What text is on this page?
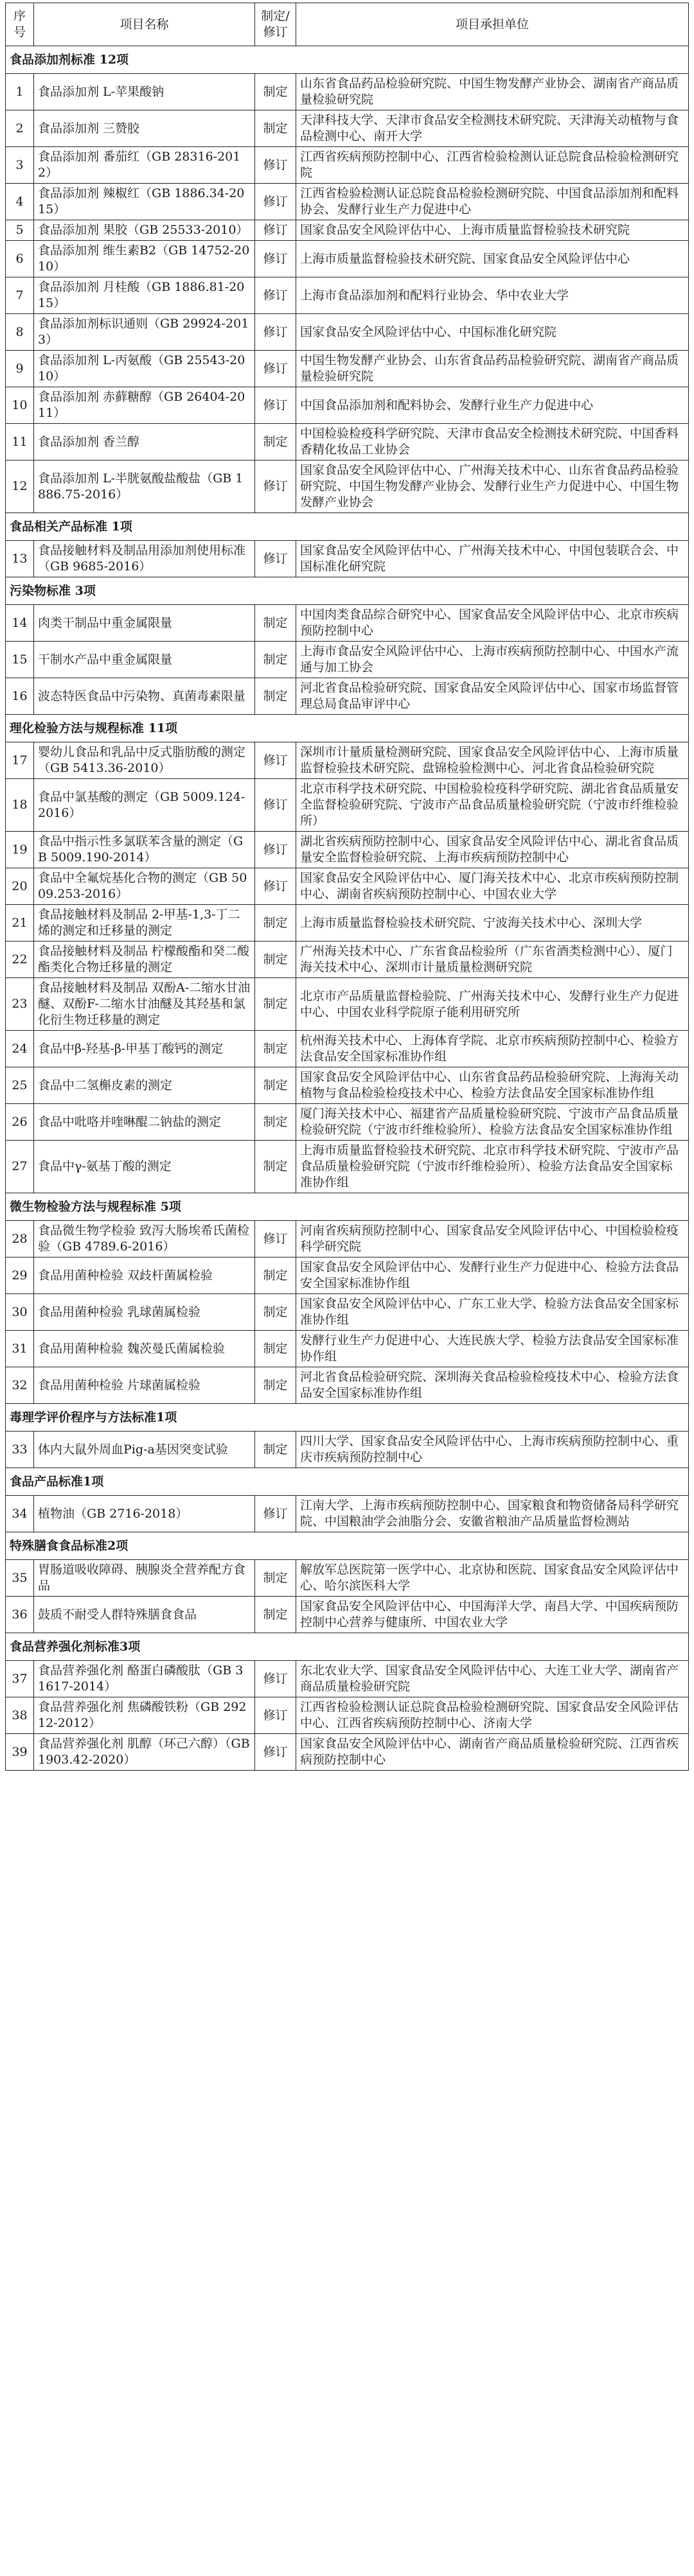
序号	项目名称	制定/修订	项目承担单位
食品添加剂标准 12项			
1	食品添加剂 L-苹果酸钠	制定	山东省食品药品检验研究院、中国生物发酵产业协会、湖南省产商品质量检验研究院
2	食品添加剂 三赞胶	制定	天津科技大学、天津市食品安全检测技术研究院、天津海关动植物与食品检测中心、南开大学
3	食品添加剂 番茄红（GB 28316-2012）	修订	江西省疾病预防控制中心、江西省检验检测认证总院食品检验检测研究院
4	食品添加剂 辣椒红（GB 1886.34-2015）	修订	江西省检验检测认证总院食品检验检测研究院、中国食品添加剂和配料协会、发酵行业生产力促进中心
5	食品添加剂 果胶（GB 25533-2010）	修订	国家食品安全风险评估中心、上海市质量监督检验技术研究院
6	食品添加剂 维生素B2（GB 14752-2010）	修订	上海市质量监督检验技术研究院、国家食品安全风险评估中心
7	食品添加剂 月桂酸（GB 1886.81-2015）	修订	上海市食品添加剂和配料行业协会、华中农业大学
8	食品添加剂标识通则（GB 29924-2013）	修订	国家食品安全风险评估中心、中国标准化研究院
9	食品添加剂 L-丙氨酸（GB 25543-2010）	修订	中国生物发酵产业协会、山东省食品药品检验研究院、湖南省产商品质量检验研究院
10	食品添加剂 赤藓糖醇（GB 26404-2011）	修订	中国食品添加剂和配料协会、发酵行业生产力促进中心
11	食品添加剂 香兰醇	制定	中国检验检疫科学研究院、天津市食品安全检测技术研究院、中国香料香精化妆品工业协会
12	食品添加剂 L-半胱氨酸盐酸盐（GB 1886.75-2016）	修订	国家食品安全风险评估中心、广州海关技术中心、山东省食品药品检验研究院、中国生物发酵产业协会、发酵行业生产力促进中心、中国生物发酵产业协会
食品相关产品标准 1项			
13	食品接触材料及制品用添加剂使用标准（GB 9685-2016）	修订	国家食品安全风险评估中心、广州海关技术中心、中国包装联合会、中国标准化研究院
污染物标准 3项			
14	肉类干制品中重金属限量	制定	中国肉类食品综合研究中心、国家食品安全风险评估中心、北京市疾病预防控制中心
15	干制水产品中重金属限量	制定	上海市食品安全风险评估中心、上海市疾病预防控制中心、中国水产流通与加工协会
16	波态特医食品中污染物、真菌毒素限量	制定	河北省食品检验研究院、国家食品安全风险评估中心、国家市场监督管理总局食品审评中心
理化检验方法与规程标准 11项			
17	婴幼儿食品和乳品中反式脂肪酸的测定（GB 5413.36-2010）	修订	深圳市计量质量检测研究院、国家食品安全风险评估中心、上海市质量监督检验技术研究院、盘锦检验检测中心、河北省食品检验研究院
18	食品中氯基酸的测定（GB 5009.124-2016）	修订	北京市科学技术研究院、中国检验检疫科学研究院、湖北省食品质量安全监督检验研究院、宁波市产品食品质量检验研究院（宁波市纤维检验所）
19	食品中指示性多氯联苯含量的测定（GB 5009.190-2014）	修订	湖北省疾病预防控制中心、国家食品安全风险评估中心、湖北省食品质量安全监督检验研究院、上海市疾病预防控制中心
20	食品中全氟烷基化合物的测定（GB 5009.253-2016）	修订	国家食品安全风险评估中心、厦门海关技术中心、北京市疾病预防控制中心、湖南省疾病预防控制中心、中国农业大学
21	食品接触材料及制品 2-甲基-1,3-丁二烯的测定和迁移量的测定	制定	上海市质量监督检验技术研究院、宁波海关技术中心、深圳大学
22	食品接触材料及制品 柠檬酸酯和癸二酸酯类化合物迁移量的测定	制定	广州海关技术中心、广东省食品检验所（广东省酒类检测中心）、厦门海关技术中心、深圳市计量质量检测研究院
23	食品接触材料及制品 双酚A-二缩水甘油醚、双酚F-二缩水甘油醚及其羟基和氯化衍生物迁移量的测定	制定	北京市产品质量监督检验院、广州海关技术中心、发酵行业生产力促进中心、中国农业科学院原子能利用研究所
24	食品中β-羟基-β-甲基丁酸钙的测定	制定	杭州海关技术中心、上海体育学院、北京市疾病预防控制中心、检验方法食品安全国家标准协作组
25	食品中二氢槲皮素的测定	制定	国家食品安全风险评估中心、山东省食品药品检验研究院、上海海关动植物与食品检验检疫技术中心、检验方法食品安全国家标准协作组
26	食品中吡咯并喹啉醌二钠盐的测定	制定	厦门海关技术中心、福建省产品质量检验研究院、宁波市产品食品质量检验研究院（宁波市纤维检验所）、检验方法食品安全国家标准协作组
27	食品中γ-氨基丁酸的测定	制定	上海市质量监督检验技术研究院、北京市科学技术研究院、宁波市产品食品质量检验研究院（宁波市纤维检验所）、检验方法食品安全国家标准协作组
微生物检验方法与规程标准 5项			
28	食品微生物学检验 致泻大肠埃希氏菌检验（GB 4789.6-2016）	修订	河南省疾病预防控制中心、国家食品安全风险评估中心、中国检验检疫科学研究院
29	食品用菌种检验 双歧杆菌属检验	制定	国家食品安全风险评估中心、发酵行业生产力促进中心、检验方法食品安全国家标准协作组
30	食品用菌种检验 乳球菌属检验	制定	国家食品安全风险评估中心、广东工业大学、检验方法食品安全国家标准协作组
31	食品用菌种检验 魏茨曼氏菌属检验	制定	发酵行业生产力促进中心、大连民族大学、检验方法食品安全国家标准协作组
32	食品用菌种检验 片球菌属检验	制定	河北省食品检验研究院、深圳海关食品检验检疫技术中心、检验方法食品安全国家标准协作组
毒理学评价程序与方法标准1项			
33	体内大鼠外周血Pig-a基因突变试验	制定	四川大学、国家食品安全风险评估中心、上海市疾病预防控制中心、重庆市疾病预防控制中心
食品产品标准1项			
34	植物油（GB 2716-2018）	修订	江南大学、上海市疾病预防控制中心、国家粮食和物资储备局科学研究院、中国粮油学会油脂分会、安徽省粮油产品质量监督检测站
特殊膳食食品标准2项			
35	胃肠道吸收障碍、胰腺炎全营养配方食品	制定	解放军总医院第一医学中心、北京协和医院、国家食品安全风险评估中心、哈尔滨医科大学
36	鼓质不耐受人群特殊膳食食品	制定	国家食品安全风险评估中心、中国海洋大学、南昌大学、中国疾病预防控制中心营养与健康所、中国农业大学
食品营养强化剂标准3项			
37	食品营养强化剂 酪蛋白磷酸肽（GB 31617-2014）	修订	东北农业大学、国家食品安全风险评估中心、大连工业大学、湖南省产商品质量检验研究院
38	食品营养强化剂 焦磷酸铁粉（GB 29212-2012）	修订	江西省检验检测认证总院食品检验检测研究院、国家食品安全风险评估中心、江西省疾病预防控制中心、济南大学
39	食品营养强化剂 肌醇（环己六醇）（GB 1903.42-2020）	修订	国家食品安全风险评估中心、湖南省产商品质量检验研究院、江西省疾病预防控制中心
